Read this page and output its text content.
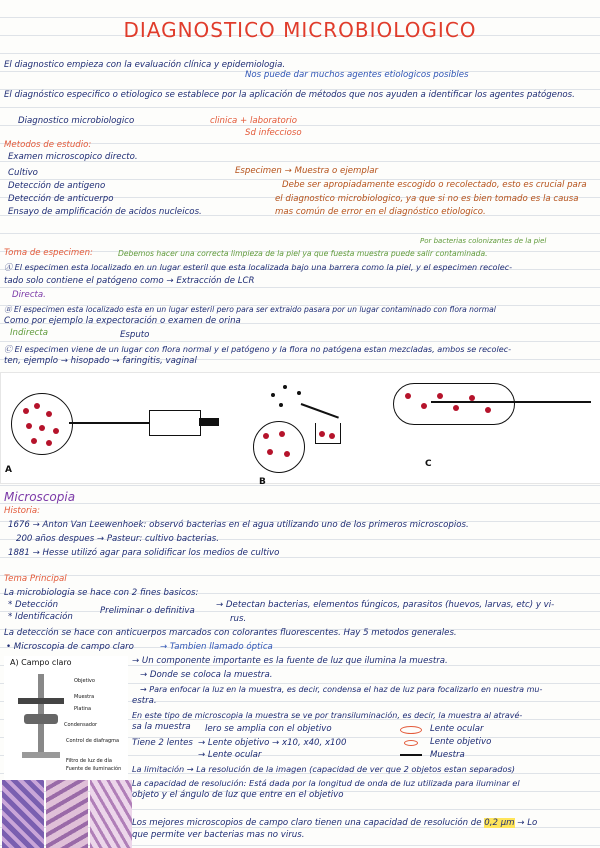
DIAGNOSTICO MICROBIOLOGICO
El diagnostico empieza con la evaluación clínica y epidemiologia.
Nos puede dar muchos agentes etiologicos posibles
El diagnóstico especifico o etiologico se establece por la aplicación de métodos que nos ayuden a identificar los agentes patógenos.
Diagnostico microbiologico	clinica + laboratorio
Sd infeccioso
Metodos de estudio:
Examen microscopico directo.
Cultivo
Detección de antigeno
Detección de anticuerpo
Ensayo de amplificación de acidos nucleicos.
Especimen → Muestra o ejemplar
Debe ser apropiadamente escogido o recolectado, esto es crucial para
el diagnostico microbiologico, ya que si no es bien tomado es la causa
mas común de error en el diagnóstico etiologico.
Por bacterias colonizantes de la piel
Toma de especimen:	Debemos hacer una correcta limpieza de la piel ya que fuesta muestra puede salir contaminada.
Ⓐ El especimen esta localizado en un lugar esteril que esta localizada bajo una barrera como la piel, y el especimen recolec-
tado solo contiene el patógeno como → Extracción de LCR
Directa.
Ⓑ El especimen esta localizado esta en un lugar esteril pero para ser extraido pasara por un lugar contaminado con flora normal
Como por ejemplo la expectoración o examen de orina
Indirecta	Esputo
Ⓒ El especimen viene de un lugar con flora normal y el patógeno y la flora no patógena estan mezcladas, ambos se recolec-
ten, ejemplo → hisopado → faringitis, vaginal
A
B
C
Microscopia
Historia:
1676 → Anton Van Leewenhoek: observó bacterias en el agua utilizando uno de los primeros microscopios.
200 años despues → Pasteur: cultivo bacterias.
1881 → Hesse utilizó agar para solidificar los medios de cultivo
Tema Principal
La microbiologia se hace con 2 fines basicos:
* Detección
* Identificación
Preliminar o definitiva
→ Detectan bacterias, elementos fúngicos, parasitos (huevos, larvas, etc) y vi-
rus.
La detección se hace con anticuerpos marcados con colorantes fluorescentes. Hay 5 metodos generales.
• Microscopia de campo claro	→ Tambien llamado óptica
A) Campo claro
Objetivo
Muestra
Platina
Condensador
Control de diafragma
Filtro de luz de día
Fuente de iluminación
→ Un componente importante es la fuente de luz que ilumina la muestra.
→ Donde se coloca la muestra.
→ Para enfocar la luz en la muestra, es decir, condensa el haz de luz para focalizarlo en nuestra mu-
estra.
En este tipo de microscopia la muestra se ve por transiluminación, es decir, la muestra al atravé-
sa la muestra lero se amplia con el objetivo
Tiene 2 lentes → Lente objetivo → x10, x40, x100
→ Lente ocular
Lente ocular
Lente objetivo
Muestra
La limitación → La resolución de la imagen (capacidad de ver que 2 objetos estan separados)
La capacidad de resolución: Está dada por la longitud de onda de luz utilizada para iluminar el
objeto y el ángulo de luz que entre en el objetivo
Los mejores microscopios de campo claro tienen una capacidad de resolución de 0,2 μm → Lo
que permite ver bacterias mas no virus.
